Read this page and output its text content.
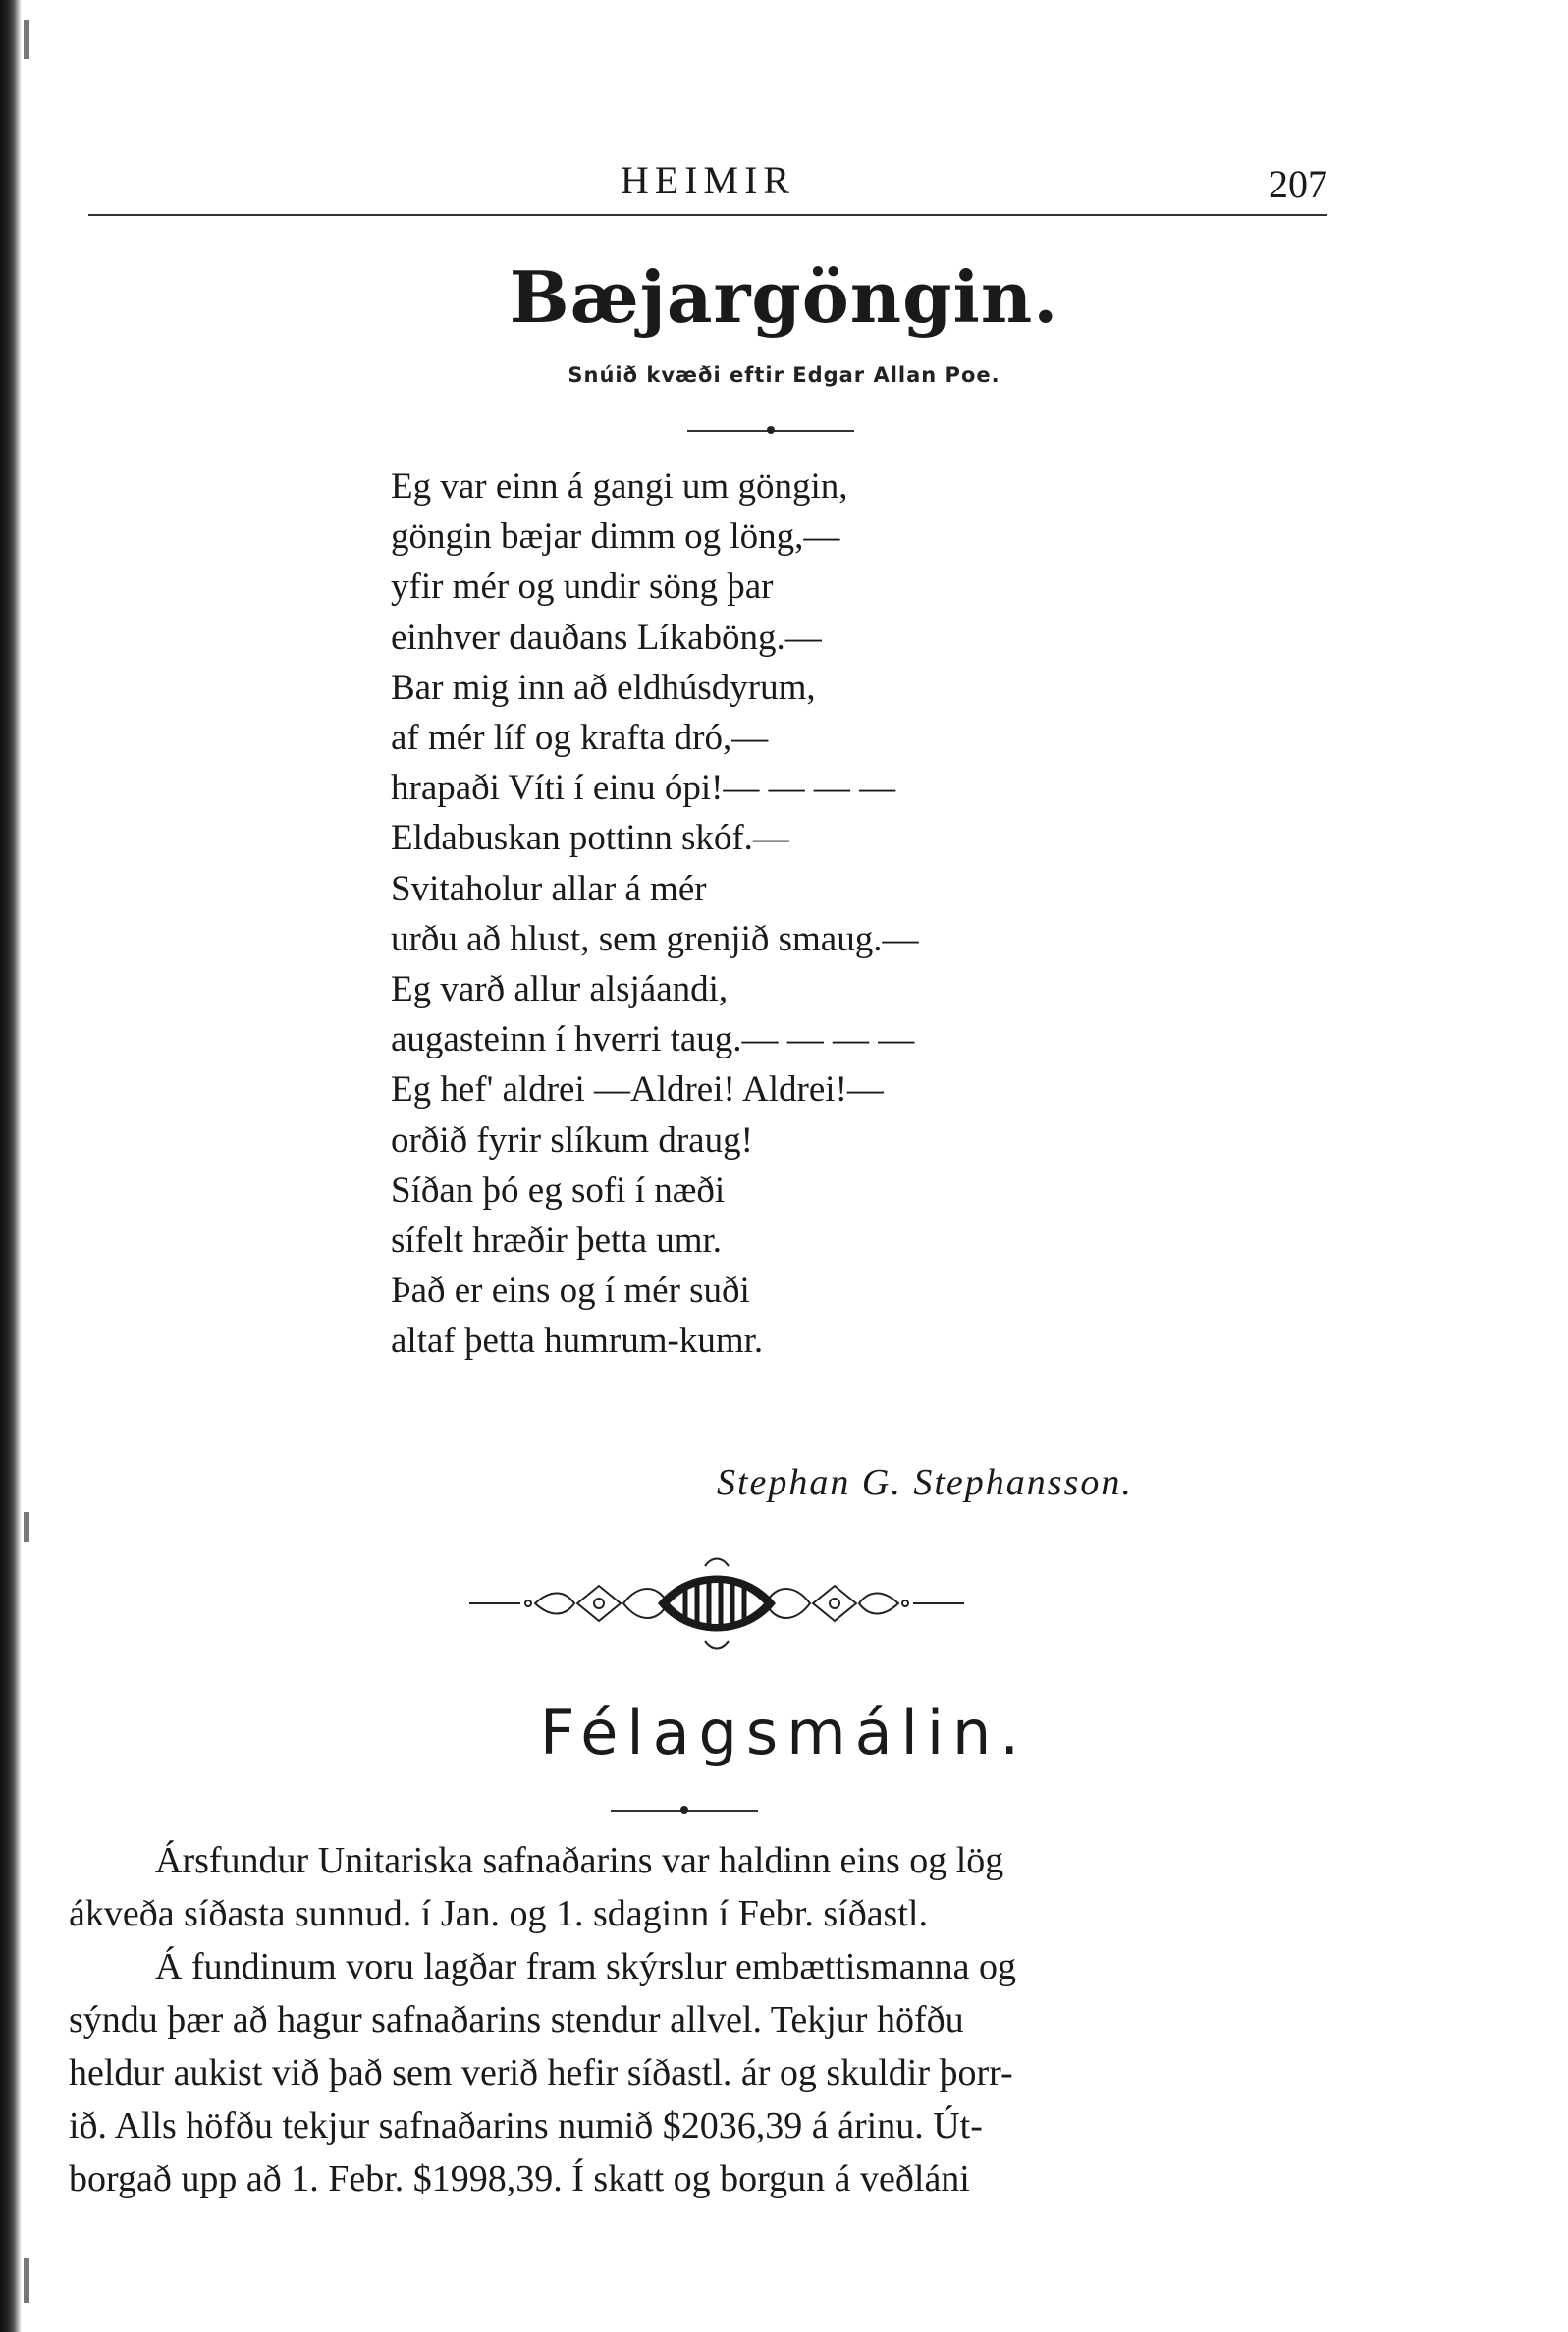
HEIMIR	207
Bæjargöngin.
Snúið kvæði eftir Edgar Allan Poe.
Eg var einn á gangi um göngin,
göngin bæjar dimm og löng,—
yfir mér og undir söng þar
einhver dauðans Líkaböng.—
Bar mig inn að eldhúsdyrum,
af mér líf og krafta dró,—
hrapaði Víti í einu ópi!— — — —
Eldabuskan pottinn skóf.—
Svitaholur allar á mér
urðu að hlust, sem grenjið smaug.—
Eg varð allur alsjáandi,
augasteinn í hverri taug.— — — —
Eg hef' aldrei —Aldrei! Aldrei!—
orðið fyrir slíkum draug!
Síðan þó eg sofi í næði
sífelt hræðir þetta umr.
Það er eins og í mér suði
altaf þetta humrum-kumr.
Stephan G. Stephansson.
Félagsmálin.

Ársfundur Unitariska safnaðarins var haldinn eins og lög
ákveða síðasta sunnud. í Jan. og 1. sdaginn í Febr. síðastl.

Á fundinum voru lagðar fram skýrslur embættismanna og
sýndu þær að hagur safnaðarins stendur allvel. Tekjur höfðu
heldur aukist við það sem verið hefir síðastl. ár og skuldir þorr-
ið. Alls höfðu tekjur safnaðarins numið $2036,39 á árinu. Út-
borgað upp að 1. Febr. $1998,39. Í skatt og borgun á veðláni
